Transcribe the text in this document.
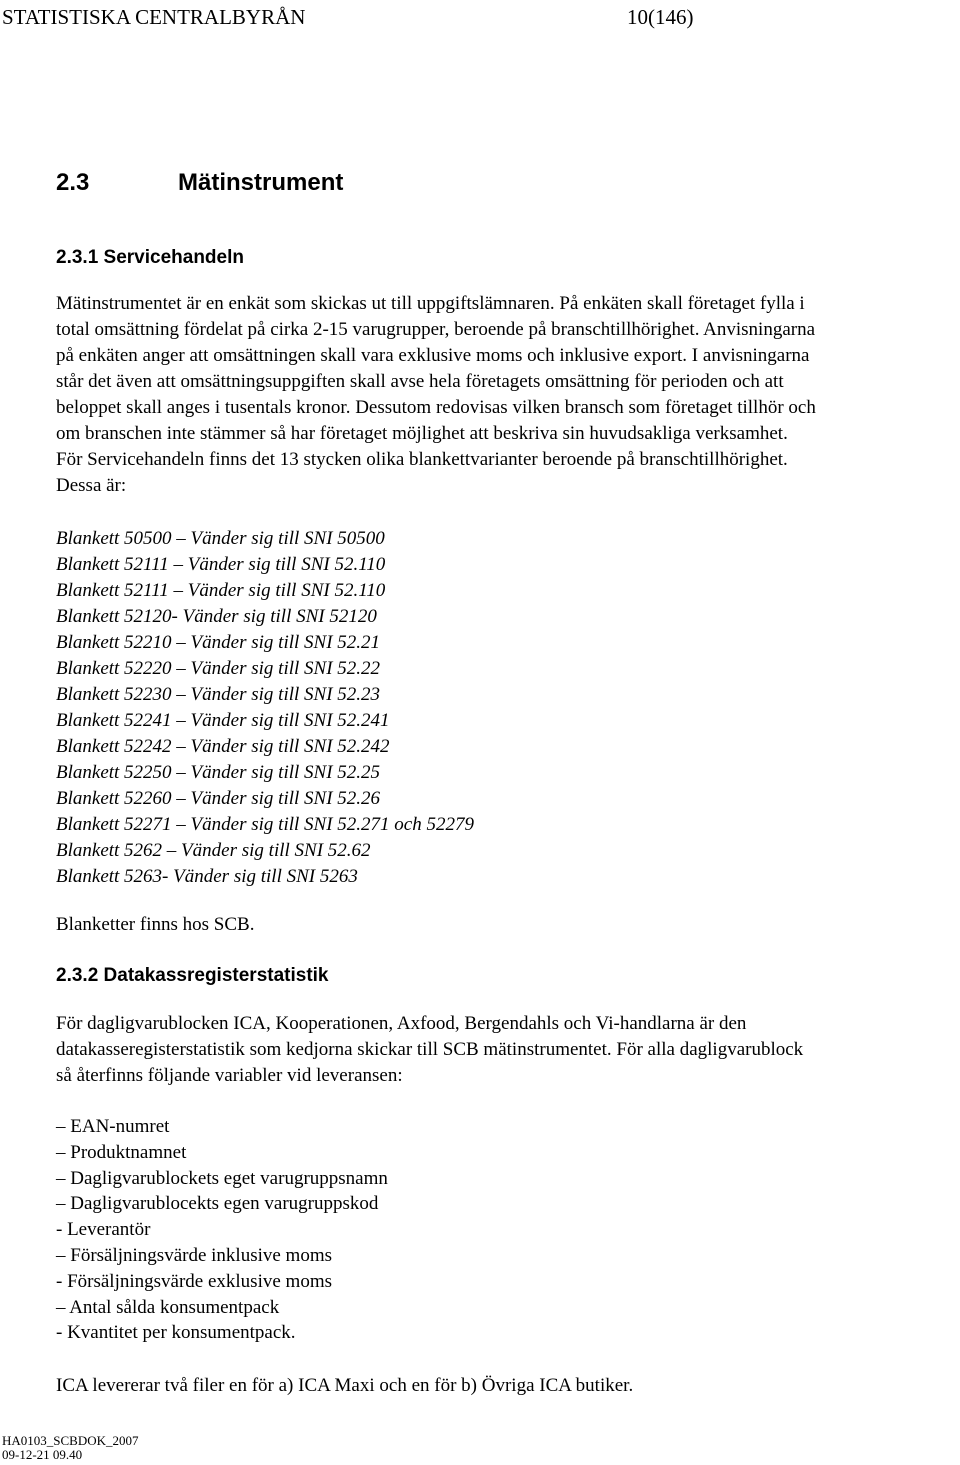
STATISTISKA CENTRALBYRÅN	10(146)
2.3	Mätinstrument
2.3.1 Servicehandeln
Mätinstrumentet är en enkät som skickas ut till uppgiftslämnaren. På enkäten skall företaget fylla i
total omsättning fördelat på cirka 2-15 varugrupper, beroende på branschtillhörighet. Anvisningarna
på enkäten anger att omsättningen skall vara exklusive moms och inklusive export. I anvisningarna
står det även att omsättningsuppgiften skall avse hela företagets omsättning för perioden och att
beloppet skall anges i tusentals kronor. Dessutom redovisas vilken bransch som företaget tillhör och
om branschen inte stämmer så har företaget möjlighet att beskriva sin huvudsakliga verksamhet.
För Servicehandeln finns det 13 stycken olika blankettvarianter beroende på branschtillhörighet.
Dessa är:
Blankett 50500 – Vänder sig till SNI 50500
Blankett 52111 – Vänder sig till SNI 52.110
Blankett 52111 – Vänder sig till SNI 52.110
Blankett 52120- Vänder sig till SNI 52120
Blankett 52210 – Vänder sig till SNI 52.21
Blankett 52220 – Vänder sig till SNI 52.22
Blankett 52230 – Vänder sig till SNI 52.23
Blankett 52241 – Vänder sig till SNI 52.241
Blankett 52242 – Vänder sig till SNI 52.242
Blankett 52250 – Vänder sig till SNI 52.25
Blankett 52260 – Vänder sig till SNI 52.26
Blankett 52271 – Vänder sig till SNI 52.271 och 52279
Blankett 5262 – Vänder sig till SNI 52.62
Blankett 5263- Vänder sig till SNI 5263
Blanketter finns hos SCB.
2.3.2 Datakassregisterstatistik
För dagligvarublocken ICA, Kooperationen, Axfood, Bergendahls och Vi-handlarna är den
datakasseregisterstatistik som kedjorna skickar till SCB mätinstrumentet. För alla dagligvarublock
så återfinns följande variabler vid leveransen:
– EAN-numret
– Produktnamnet
– Dagligvarublockets eget varugruppsnamn
– Dagligvarublocekts egen varugruppskod
- Leverantör
– Försäljningsvärde inklusive moms
- Försäljningsvärde exklusive moms
– Antal sålda konsumentpack
- Kvantitet per konsumentpack.
ICA levererar två filer en för a) ICA Maxi och en för b) Övriga ICA butiker.
HA0103_SCBDOK_2007
09-12-21 09.40
